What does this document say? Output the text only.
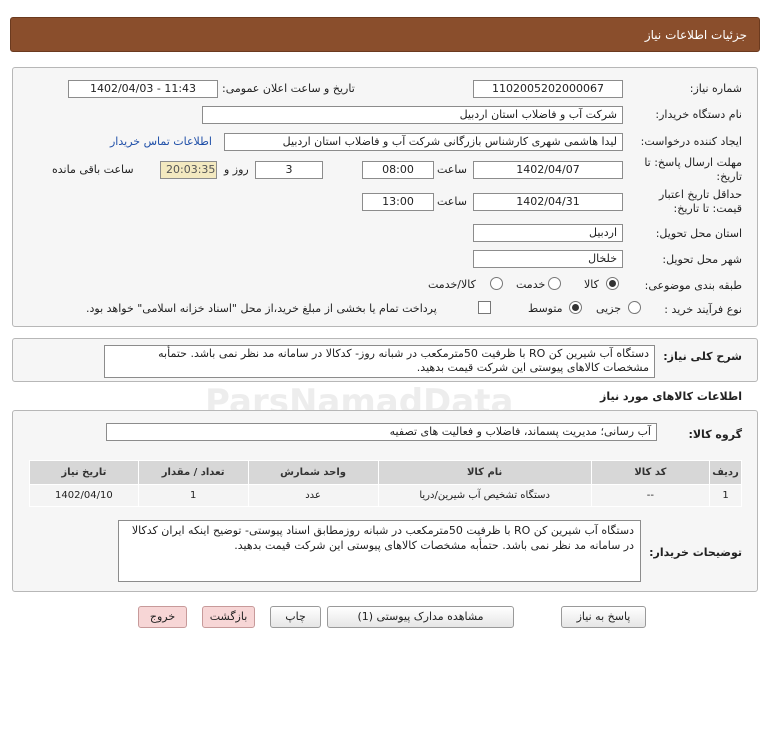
جزئیات اطلاعات نیاز
ParsNamadData
شماره نیاز:
1102005202000067
تاریخ و ساعت اعلان عمومی:
1402/04/03 - 11:43
نام دستگاه خریدار:
شرکت آب و فاضلاب استان اردبیل
ایجاد کننده درخواست:
لیدا هاشمی شهری کارشناس بازرگانی شرکت آب و فاضلاب استان اردبیل
اطلاعات تماس خریدار
مهلت ارسال پاسخ: تا
تاریخ:
1402/04/07
ساعت
08:00
3
روز و
20:03:35
ساعت باقی مانده
حداقل تاریخ اعتبار
قیمت: تا تاریخ:
1402/04/31
ساعت
13:00
استان محل تحویل:
اردبیل
شهر محل تحویل:
خلخال
طبقه بندی موضوعی:
کالا
خدمت
کالا/خدمت
نوع فرآیند خرید :
جزیی
متوسط
پرداخت تمام یا بخشی از مبلغ خرید،از محل "اسناد خزانه اسلامی" خواهد بود.
شرح کلی نیاز:
دستگاه آب شیرین کن RO با ظرفیت 50مترمکعب در شبانه روز- کدکالا در سامانه مد نظر نمی باشد. حتمأبه مشخصات کالاهای پیوستی این شرکت قیمت بدهید.
اطلاعات کالاهای مورد نیاز
گروه کالا:
آب رسانی؛ مدیریت پسماند، فاضلاب و فعالیت های تصفیه
ردیف	کد کالا	نام کالا	واحد شمارش	تعداد / مقدار	تاریخ نیاز
1	--	دستگاه تشخیص آب شیرین/دریا	عدد	1	1402/04/10
توضیحات خریدار:
دستگاه آب شیرین کن RO با ظرفیت 50مترمکعب در شبانه روزمطابق اسناد پیوستی- توضیح اینکه ایران کدکالا در سامانه مد نظر نمی باشد. حتمأبه مشخصات کالاهای پیوستی این شرکت قیمت بدهید.
پاسخ به نیاز
مشاهده مدارک پیوستی (1)
چاپ
بازگشت
خروج
